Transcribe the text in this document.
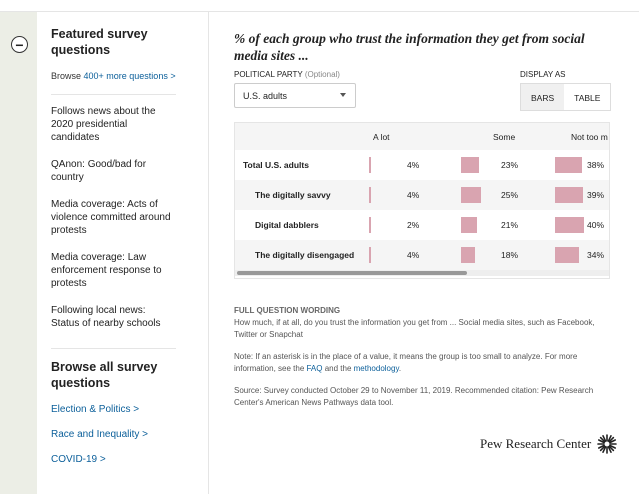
−
Featured survey questions
Browse 400+ more questions >
Follows news about the 2020 presidential candidates
QAnon: Good/bad for country
Media coverage: Acts of violence committed around protests
Media coverage: Law enforcement response to protests
Following local news: Status of nearby schools
Browse all survey questions
Election & Politics >
Race and Inequality >
COVID-19 >
% of each group who trust the information they get from social media sites ...
POLITICAL PARTY (Optional)
U.S. adults
DISPLAY AS
BARS	TABLE
A lot	Some	Not too m
Total U.S. adults	4%	23%	38%
The digitally savvy	4%	25%	39%
Digital dabblers	2%	21%	40%
The digitally disengaged	4%	18%	34%

FULL QUESTION WORDING
How much, if at all, do you trust the information you get from ... Social media sites, such as Facebook, Twitter or Snapchat

Note: If an asterisk is in the place of a value, it means the group is too small to analyze. For more information, see the FAQ and the methodology.

Source: Survey conducted October 29 to November 11, 2019. Recommended citation: Pew Research Center's American News Pathways data tool.

Pew Research Center
